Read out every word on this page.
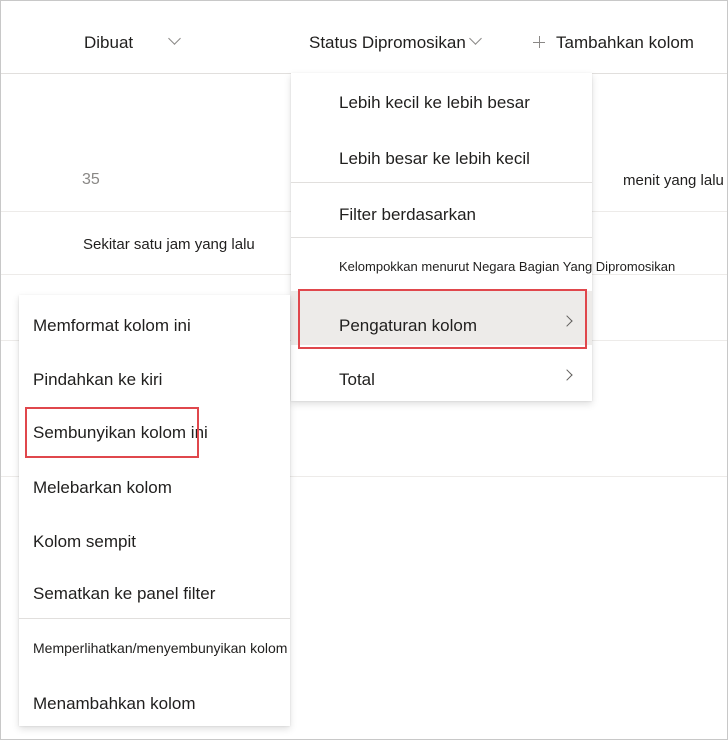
Dibuat	Status Dipromosikan	Tambahkan kolom
35	menit yang lalu
Sekitar satu jam yang lalu
Lebih kecil ke lebih besar
Lebih besar ke lebih kecil
Filter berdasarkan
Kelompokkan menurut Negara Bagian Yang Dipromosikan
Pengaturan kolom
Total
Memformat kolom ini
Pindahkan ke kiri
Sembunyikan kolom ini
Melebarkan kolom
Kolom sempit
Sematkan ke panel filter
Memperlihatkan/menyembunyikan kolom
Menambahkan kolom
